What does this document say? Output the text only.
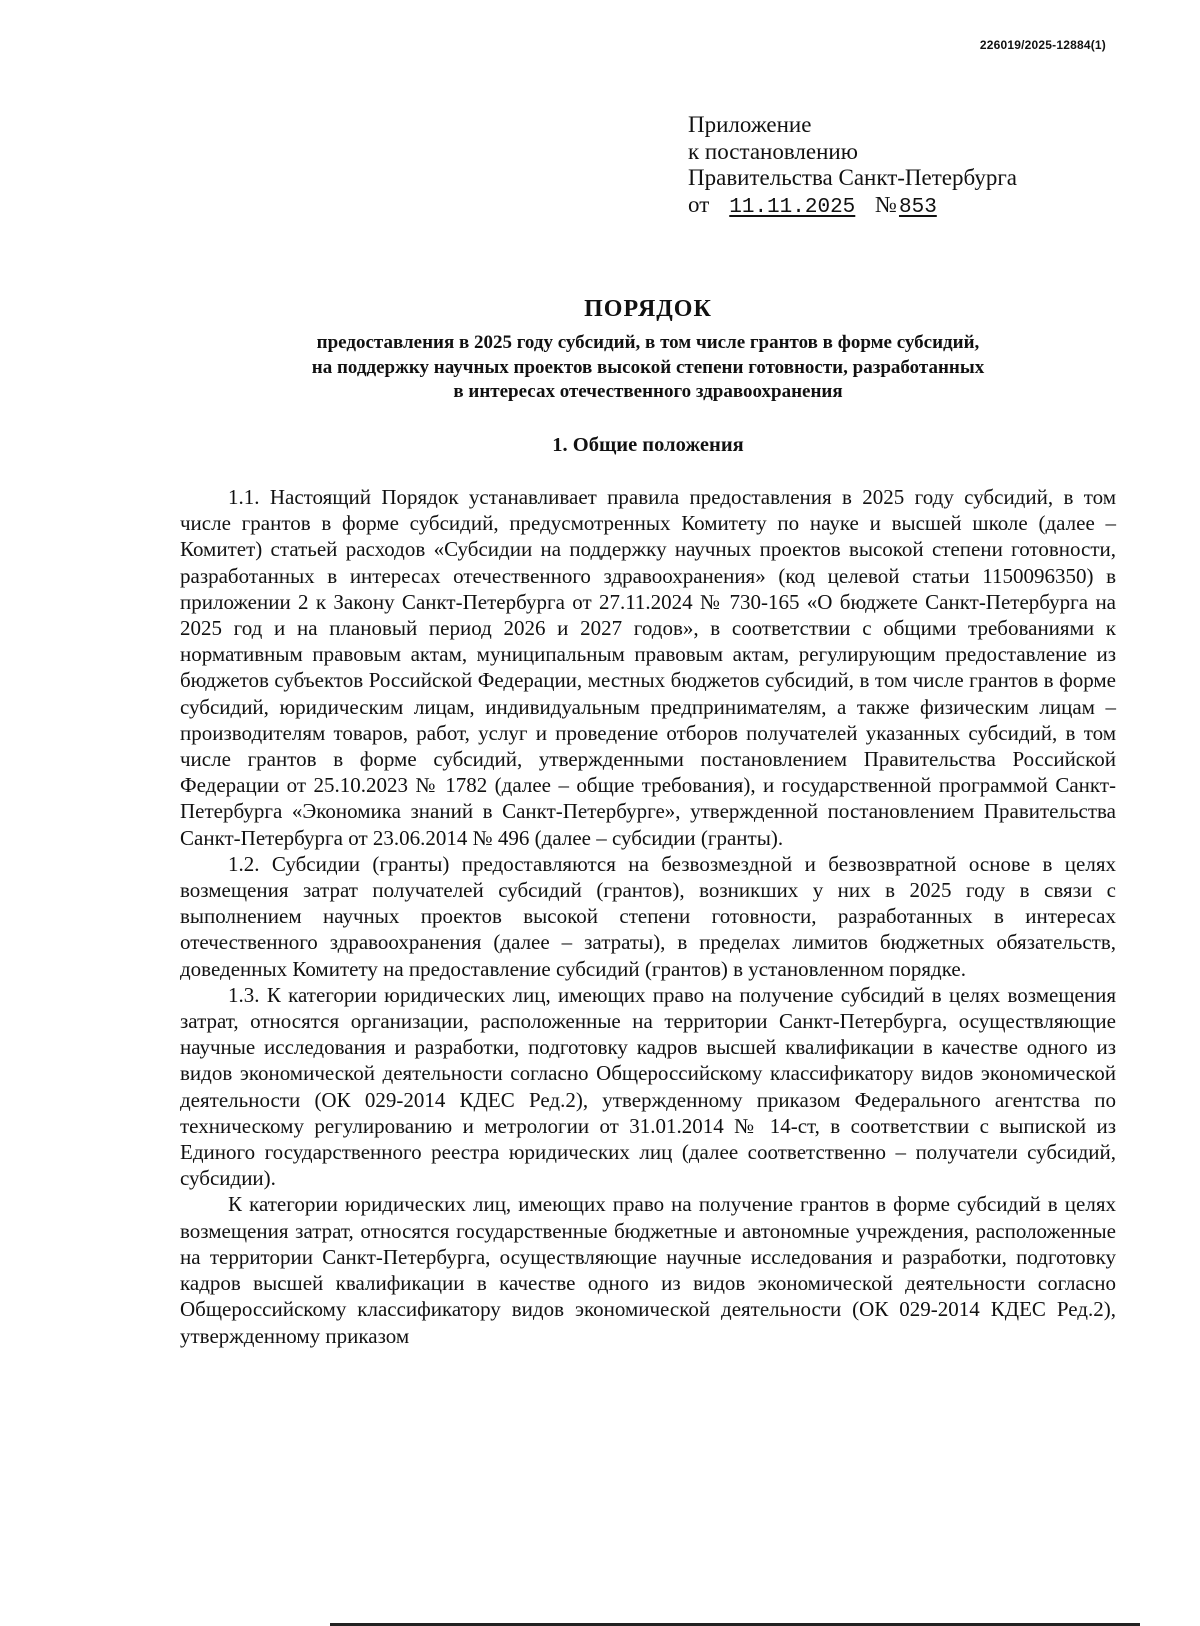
226019/2025-12884(1)
Приложение
к постановлению
Правительства Санкт-Петербурга
от 11.11.2025 №853
ПОРЯДОК
предоставления в 2025 году субсидий, в том числе грантов в форме субсидий,
на поддержку научных проектов высокой степени готовности, разработанных
в интересах отечественного здравоохранения
1. Общие положения

1.1. Настоящий Порядок устанавливает правила предоставления в 2025 году субсидий, в том числе грантов в форме субсидий, предусмотренных Комитету по науке и высшей школе (далее – Комитет) статьей расходов «Субсидии на поддержку научных проектов высокой степени готовности, разработанных в интересах отечественного здравоохранения» (код целевой статьи 1150096350) в приложении 2 к Закону Санкт-Петербурга от 27.11.2024 № 730-165 «О бюджете Санкт-Петербурга на 2025 год и на плановый период 2026 и 2027 годов», в соответствии с общими требованиями к нормативным правовым актам, муниципальным правовым актам, регулирующим предоставление из бюджетов субъектов Российской Федерации, местных бюджетов субсидий, в том числе грантов в форме субсидий, юридическим лицам, индивидуальным предпринимателям, а также физическим лицам – производителям товаров, работ, услуг и проведение отборов получателей указанных субсидий, в том числе грантов в форме субсидий, утвержденными постановлением Правительства Российской Федерации от 25.10.2023 № 1782 (далее – общие требования), и государственной программой Санкт-Петербурга «Экономика знаний в Санкт-Петербурге», утвержденной постановлением Правительства Санкт-Петербурга от 23.06.2014 № 496 (далее – субсидии (гранты).

1.2. Субсидии (гранты) предоставляются на безвозмездной и безвозвратной основе в целях возмещения затрат получателей субсидий (грантов), возникших у них в 2025 году в связи с выполнением научных проектов высокой степени готовности, разработанных в интересах отечественного здравоохранения (далее – затраты), в пределах лимитов бюджетных обязательств, доведенных Комитету на предоставление субсидий (грантов) в установленном порядке.

1.3. К категории юридических лиц, имеющих право на получение субсидий в целях возмещения затрат, относятся организации, расположенные на территории Санкт-Петербурга, осуществляющие научные исследования и разработки, подготовку кадров высшей квалификации в качестве одного из видов экономической деятельности согласно Общероссийскому классификатору видов экономической деятельности (ОК 029-2014 КДЕС Ред.2), утвержденному приказом Федерального агентства по техническому регулированию и метрологии от 31.01.2014 № 14-ст, в соответствии с выпиской из Единого государственного реестра юридических лиц (далее соответственно – получатели субсидий, субсидии).

К категории юридических лиц, имеющих право на получение грантов в форме субсидий в целях возмещения затрат, относятся государственные бюджетные и автономные учреждения, расположенные на территории Санкт-Петербурга, осуществляющие научные исследования и разработки, подготовку кадров высшей квалификации в качестве одного из видов экономической деятельности согласно Общероссийскому классификатору видов экономической деятельности (ОК 029-2014 КДЕС Ред.2), утвержденному приказом
